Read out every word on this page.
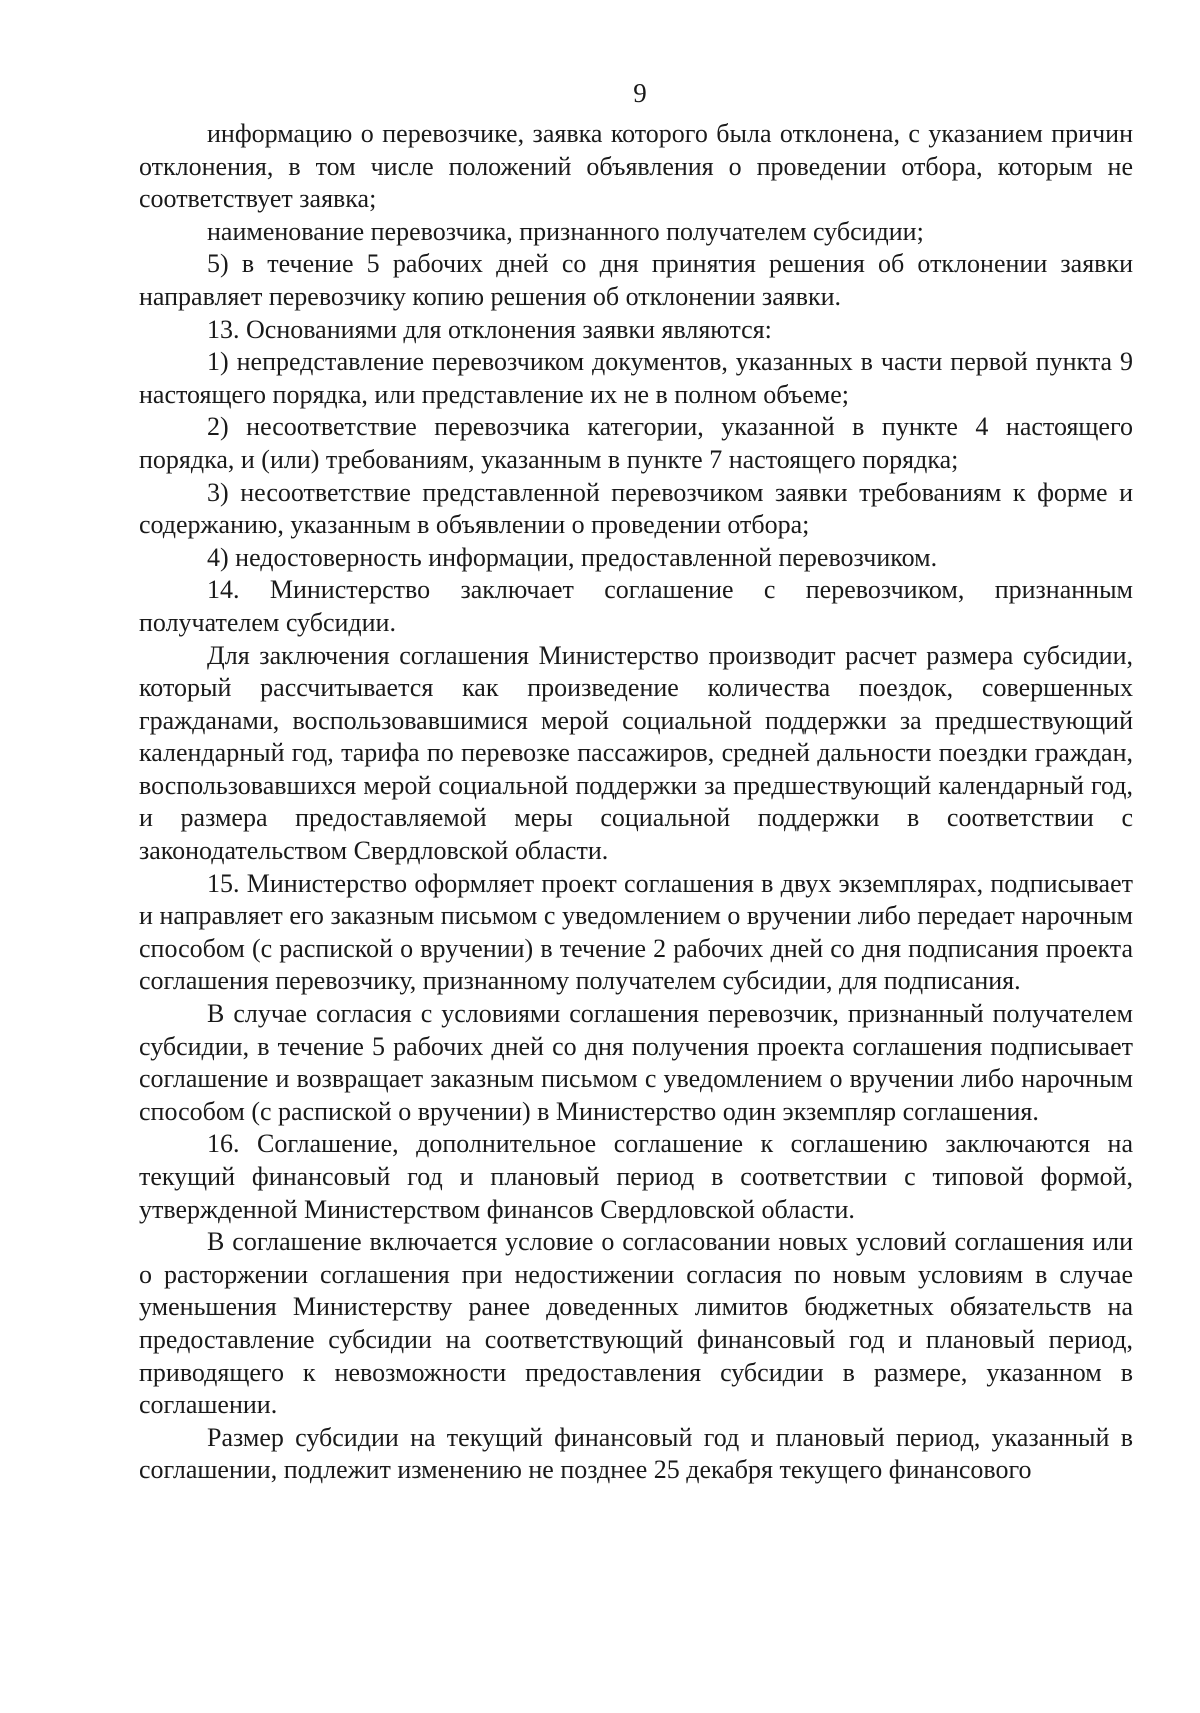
9

информацию о перевозчике, заявка которого была отклонена, с указанием причин отклонения, в том числе положений объявления о проведении отбора, которым не соответствует заявка;

наименование перевозчика, признанного получателем субсидии;

5) в течение 5 рабочих дней со дня принятия решения об отклонении заявки направляет перевозчику копию решения об отклонении заявки.

13. Основаниями для отклонения заявки являются:

1) непредставление перевозчиком документов, указанных в части первой пункта 9 настоящего порядка, или представление их не в полном объеме;

2) несоответствие перевозчика категории, указанной в пункте 4 настоящего порядка, и (или) требованиям, указанным в пункте 7 настоящего порядка;

3) несоответствие представленной перевозчиком заявки требованиям к форме и содержанию, указанным в объявлении о проведении отбора;

4) недостоверность информации, предоставленной перевозчиком.

14. Министерство заключает соглашение с перевозчиком, признанным получателем субсидии.

Для заключения соглашения Министерство производит расчет размера субсидии, который рассчитывается как произведение количества поездок, совершенных гражданами, воспользовавшимися мерой социальной поддержки за предшествующий календарный год, тарифа по перевозке пассажиров, средней дальности поездки граждан, воспользовавшихся мерой социальной поддержки за предшествующий календарный год, и размера предоставляемой меры социальной поддержки в соответствии с законодательством Свердловской области.

15. Министерство оформляет проект соглашения в двух экземплярах, подписывает и направляет его заказным письмом с уведомлением о вручении либо передает нарочным способом (с распиской о вручении) в течение 2 рабочих дней со дня подписания проекта соглашения перевозчику, признанному получателем субсидии, для подписания.

В случае согласия с условиями соглашения перевозчик, признанный получателем субсидии, в течение 5 рабочих дней со дня получения проекта соглашения подписывает соглашение и возвращает заказным письмом с уведомлением о вручении либо нарочным способом (с распиской о вручении) в Министерство один экземпляр соглашения.

16. Соглашение, дополнительное соглашение к соглашению заключаются на текущий финансовый год и плановый период в соответствии с типовой формой, утвержденной Министерством финансов Свердловской области.

В соглашение включается условие о согласовании новых условий соглашения или о расторжении соглашения при недостижении согласия по новым условиям в случае уменьшения Министерству ранее доведенных лимитов бюджетных обязательств на предоставление субсидии на соответствующий финансовый год и плановый период, приводящего к невозможности предоставления субсидии в размере, указанном в соглашении.

Размер субсидии на текущий финансовый год и плановый период, указанный в соглашении, подлежит изменению не позднее 25 декабря текущего финансового
